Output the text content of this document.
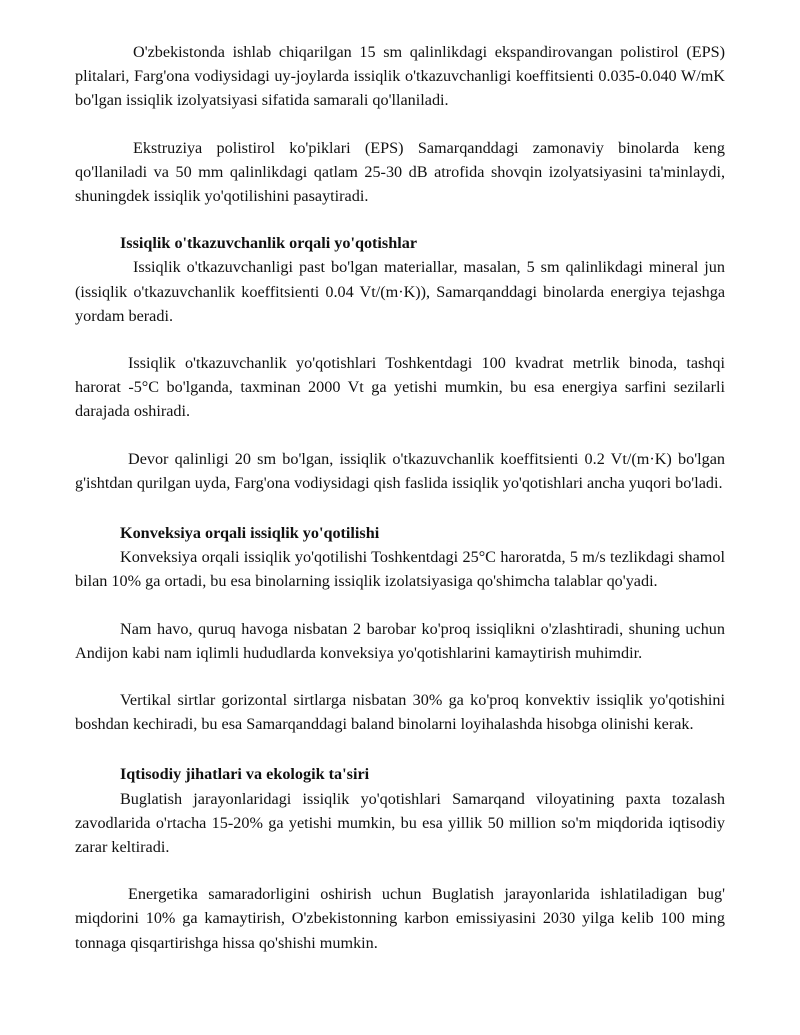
O'zbekistonda ishlab chiqarilgan 15 sm qalinlikdagi ekspandirovangan polistirol (EPS) plitalari, Farg'ona vodiysidagi uy-joylarda issiqlik o'tkazuvchanligi koeffitsienti 0.035-0.040 W/mK bo'lgan issiqlik izolyatsiyasi sifatida samarali qo'llaniladi.

Ekstruziya polistirol ko'piklari (EPS) Samarqanddagi zamonaviy binolarda keng qo'llaniladi va 50 mm qalinlikdagi qatlam 25-30 dB atrofida shovqin izolyatsiyasini ta'minlaydi, shuningdek issiqlik yo'qotilishini pasaytiradi.

Issiqlik o'tkazuvchanlik orqali yo'qotishlar

Issiqlik o'tkazuvchanligi past bo'lgan materiallar, masalan, 5 sm qalinlikdagi mineral jun (issiqlik o'tkazuvchanlik koeffitsienti 0.04 Vt/(m·K)), Samarqanddagi binolarda energiya tejashga yordam beradi.

Issiqlik o'tkazuvchanlik yo'qotishlari Toshkentdagi 100 kvadrat metrlik binoda, tashqi harorat -5°C bo'lganda, taxminan 2000 Vt ga yetishi mumkin, bu esa energiya sarfini sezilarli darajada oshiradi.

Devor qalinligi 20 sm bo'lgan, issiqlik o'tkazuvchanlik koeffitsienti 0.2 Vt/(m·K) bo'lgan g'ishtdan qurilgan uyda, Farg'ona vodiysidagi qish faslida issiqlik yo'qotishlari ancha yuqori bo'ladi.

Konveksiya orqali issiqlik yo'qotilishi

Konveksiya orqali issiqlik yo'qotilishi Toshkentdagi 25°C haroratda, 5 m/s tezlikdagi shamol bilan 10% ga ortadi, bu esa binolarning issiqlik izolatsiyasiga qo'shimcha talablar qo'yadi.

Nam havo, quruq havoga nisbatan 2 barobar ko'proq issiqlikni o'zlashtiradi, shuning uchun Andijon kabi nam iqlimli hududlarda konveksiya yo'qotishlarini kamaytirish muhimdir.

Vertikal sirtlar gorizontal sirtlarga nisbatan 30% ga ko'proq konvektiv issiqlik yo'qotishini boshdan kechiradi, bu esa Samarqanddagi baland binolarni loyihalashda hisobga olinishi kerak.

Iqtisodiy jihatlari va ekologik ta'siri

Buglatish jarayonlaridagi issiqlik yo'qotishlari Samarqand viloyatining paxta tozalash zavodlarida o'rtacha 15-20% ga yetishi mumkin, bu esa yillik 50 million so'm miqdorida iqtisodiy zarar keltiradi.

Energetika samaradorligini oshirish uchun Buglatish jarayonlarida ishlatiladigan bug' miqdorini 10% ga kamaytirish, O'zbekistonning karbon emissiyasini 2030 yilga kelib 100 ming tonnaga qisqartirishga hissa qo'shishi mumkin.
